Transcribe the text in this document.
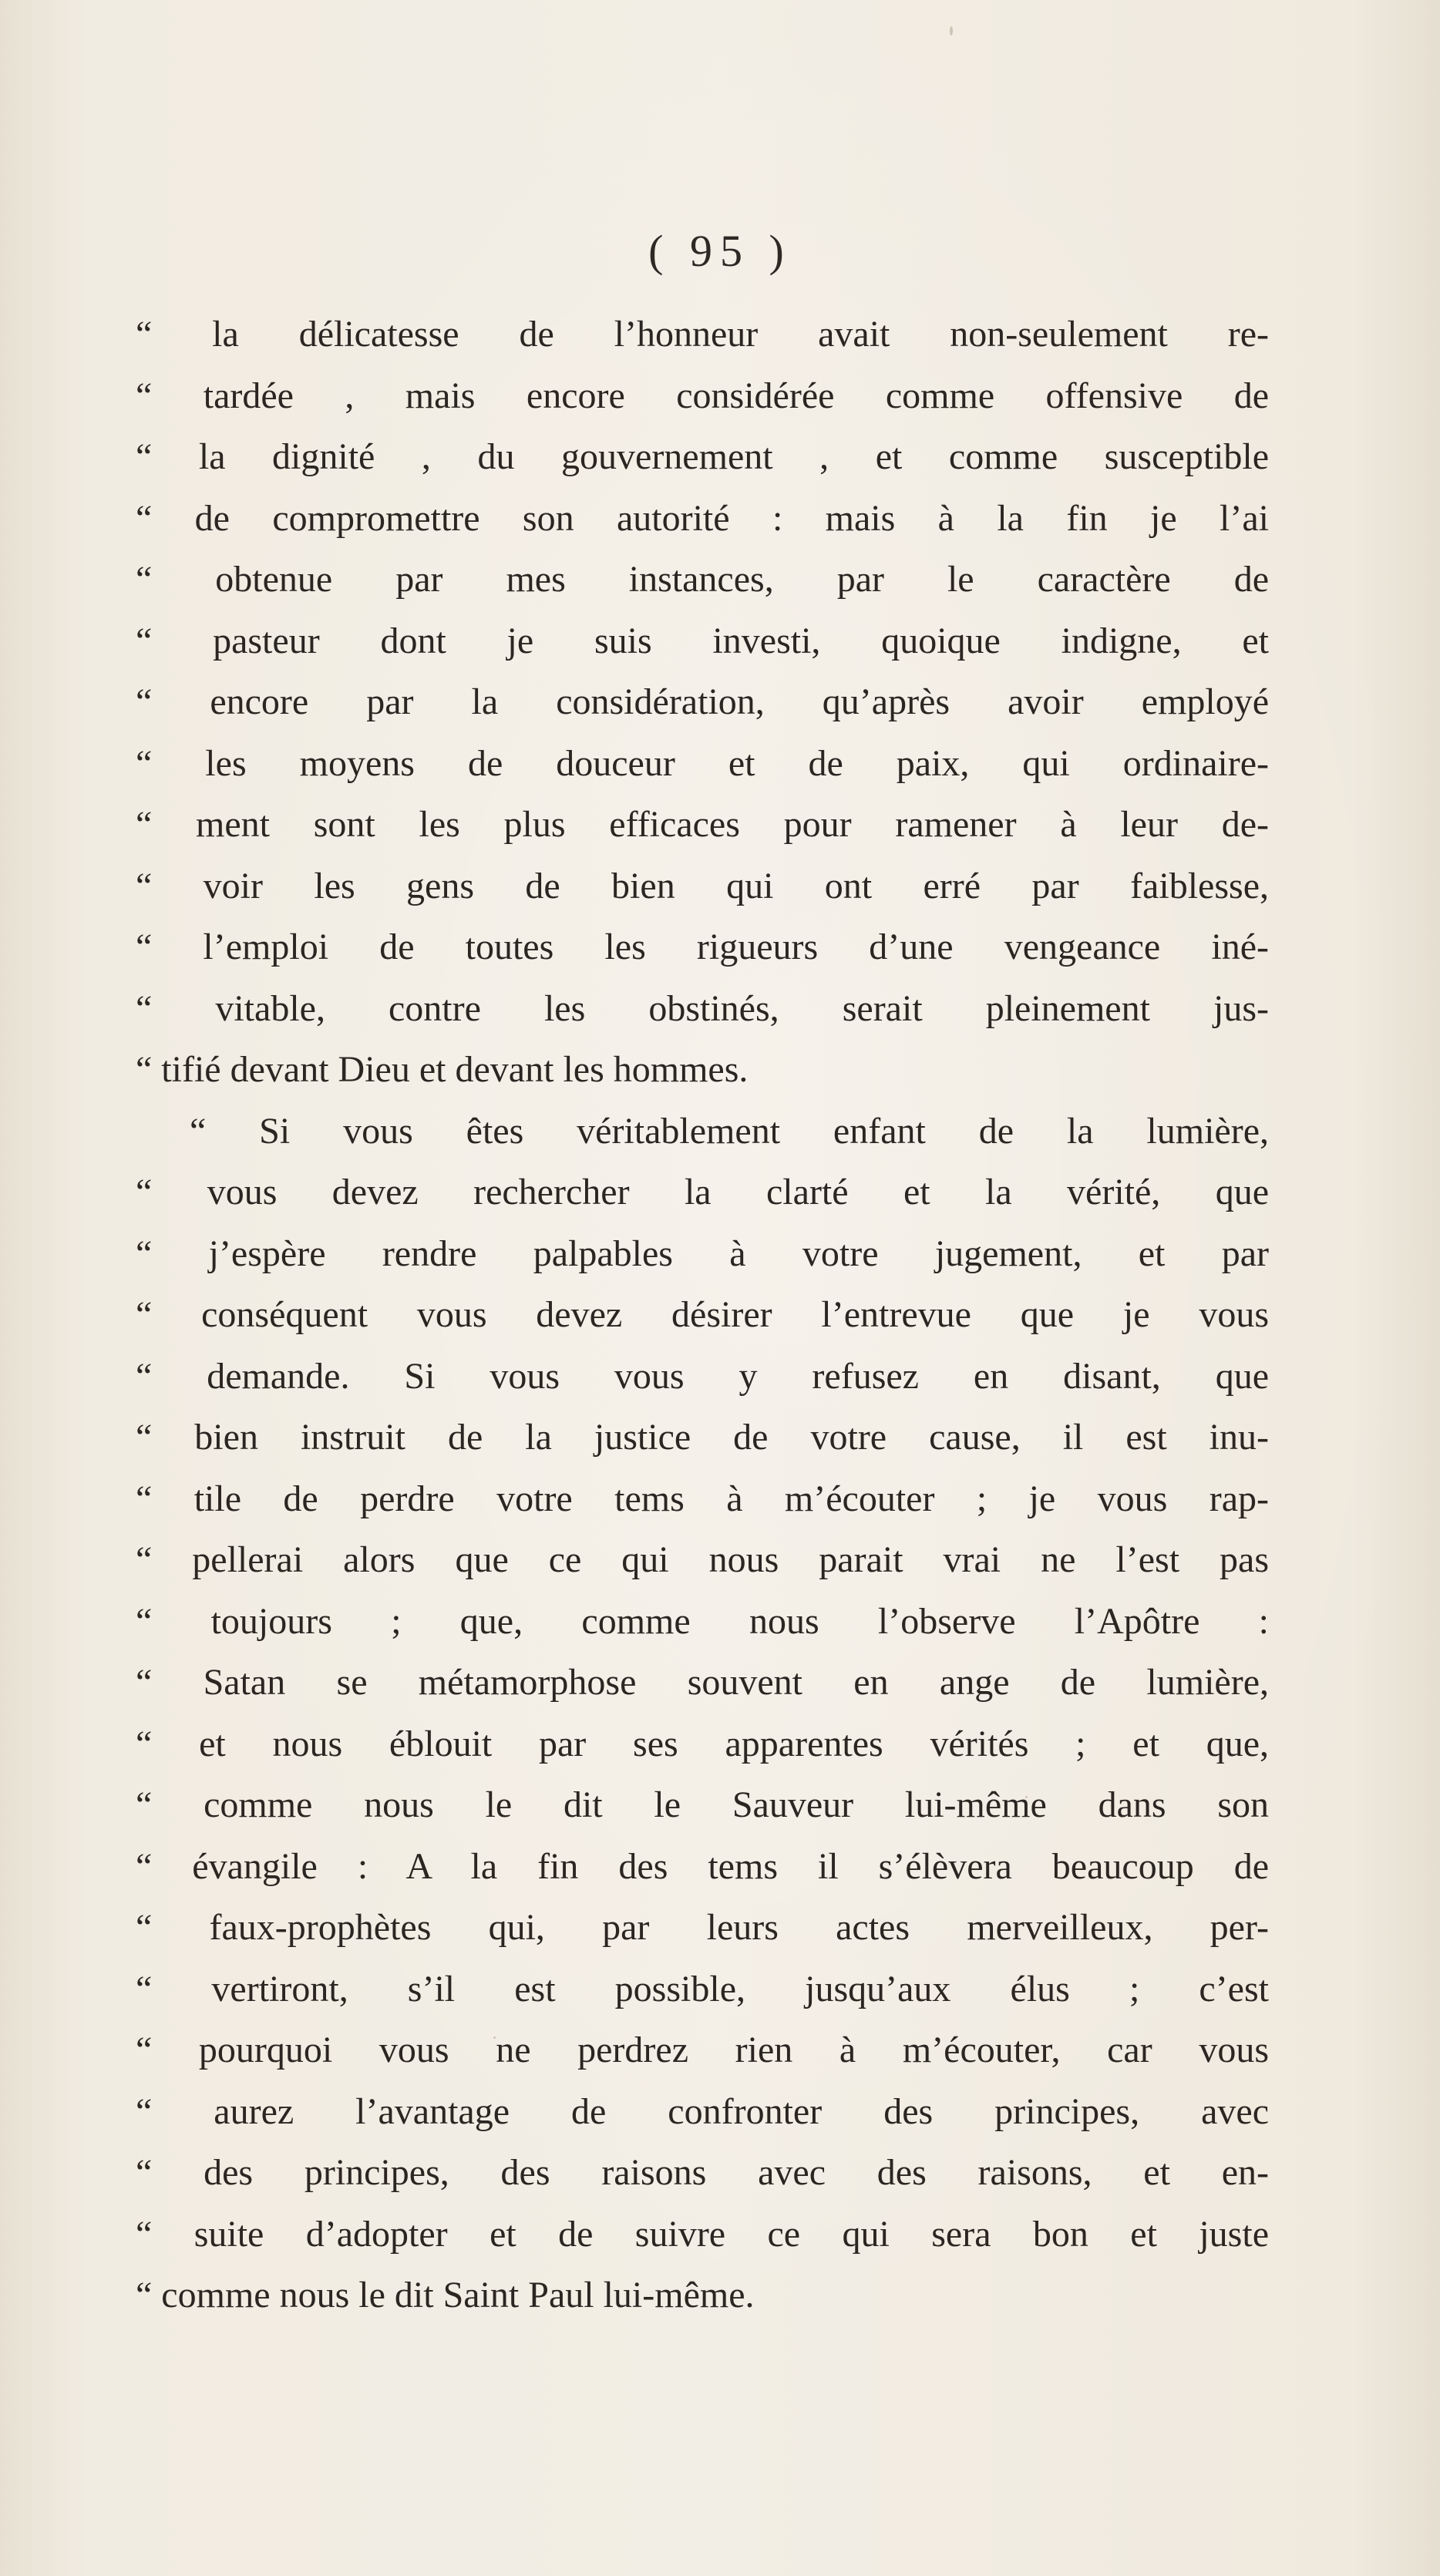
( 95 )
“ la délicatesse de l’honneur avait non-seulement re-
“ tardée , mais encore considérée comme offensive de
“ la dignité , du gouvernement , et comme susceptible
“ de compromettre son autorité : mais à la fin je l’ai
“ obtenue par mes instances, par le caractère de
“ pasteur dont je suis investi, quoique indigne, et
“ encore par la considération, qu’après avoir employé
“ les moyens de douceur et de paix, qui ordinaire-
“ ment sont les plus efficaces pour ramener à leur de-
“ voir les gens de bien qui ont erré par faiblesse,
“ l’emploi de toutes les rigueurs d’une vengeance iné-
“ vitable, contre les obstinés, serait pleinement jus-
“ tifié devant Dieu et devant les hommes.
“ Si vous êtes véritablement enfant de la lumière,
“ vous devez rechercher la clarté et la vérité, que
“ j’espère rendre palpables à votre jugement, et par
“ conséquent vous devez désirer l’entrevue que je vous
“ demande. Si vous vous y refusez en disant, que
“ bien instruit de la justice de votre cause, il est inu-
“ tile de perdre votre tems à m’écouter ; je vous rap-
“ pellerai alors que ce qui nous parait vrai ne l’est pas
“ toujours ; que, comme nous l’observe l’Apôtre :
“ Satan se métamorphose souvent en ange de lumière,
“ et nous éblouit par ses apparentes vérités ; et que,
“ comme nous le dit le Sauveur lui-même dans son
“ évangile : A la fin des tems il s’élèvera beaucoup de
“ faux-prophètes qui, par leurs actes merveilleux, per-
“ vertiront, s’il est possible, jusqu’aux élus ; c’est
“ pourquoi vous ne perdrez rien à m’écouter, car vous
“ aurez l’avantage de confronter des principes, avec
“ des principes, des raisons avec des raisons, et en-
“ suite d’adopter et de suivre ce qui sera bon et juste
“ comme nous le dit Saint Paul lui-même.
